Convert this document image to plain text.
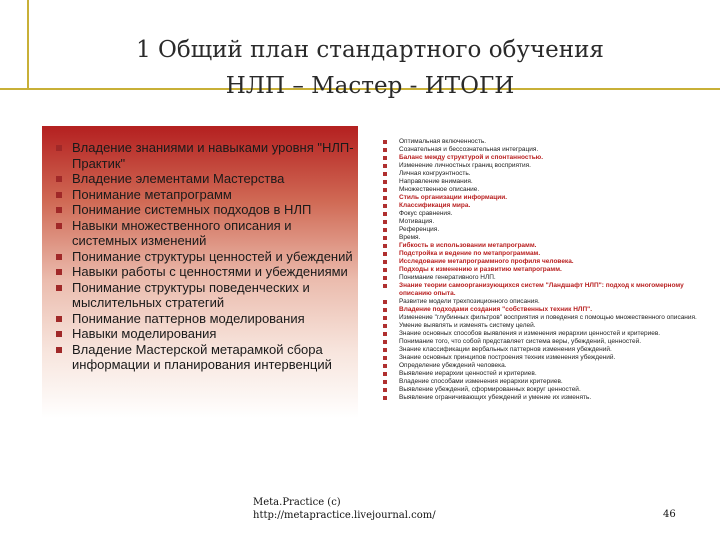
1 Общий план стандартного обучения
НЛП – Мастер - ИТОГИ
Владение знаниями и навыками уровня "НЛП-Практик"
Владение элементами Мастерства
Понимание метапрограмм
Понимание системных подходов в НЛП
Навыки множественного описания и системных изменений
Понимание структуры ценностей и убеждений
Навыки работы с ценностями и убеждениями
Понимание структуры поведенческих и мыслительных стратегий
Понимание паттернов моделирования
Навыки моделирования
Владение Мастерской метарамкой сбора информации и планирования интервенций
Оптимальная включенность.
Сознательная и бессознательная интеграция.
Баланс между структурой и спонтанностью.
Изменение личностных границ восприятия.
Личная конгруэнтность.
Направление внимания.
Множественное описание.
Стиль организации информации.
Классификация мира.
Фокус сравнения.
Мотивация.
Референция.
Время.
Гибкость в использовании метапрограмм.
Подстройка и ведение по метапрограммам.
Исследование метапрограммного профиля человека.
Подходы к изменению и развитию метапрограмм.
Понимание генеративного НЛП.
Знание теории самоорганизующихся систем "Ландшафт НЛП": подход к многомерному описанию опыта.
Развитие модели трехпозиционного описания.
Владение подходами создания "собственных техник НЛП".
Изменение "глубинных фильтров" восприятия и поведения с помощью множественного описания.
Умение выявлять и изменять систему целей.
Знание основных способов выявления и изменения иерархии ценностей и критериев.
Понимание того, что собой представляет система веры, убеждений, ценностей.
Знание классификации вербальных паттернов изменения убеждений.
Знание основных принципов построения техник изменения убеждений.
Определение убеждений человека.
Выявление иерархии ценностей и критериев.
Владение способами изменения иерархии критериев.
Выявление убеждений, сформированных вокруг ценностей.
Выявление ограничивающих убеждений и умение их изменять.
Meta.Practice (c)
http://metapractice.livejournal.com/	46
